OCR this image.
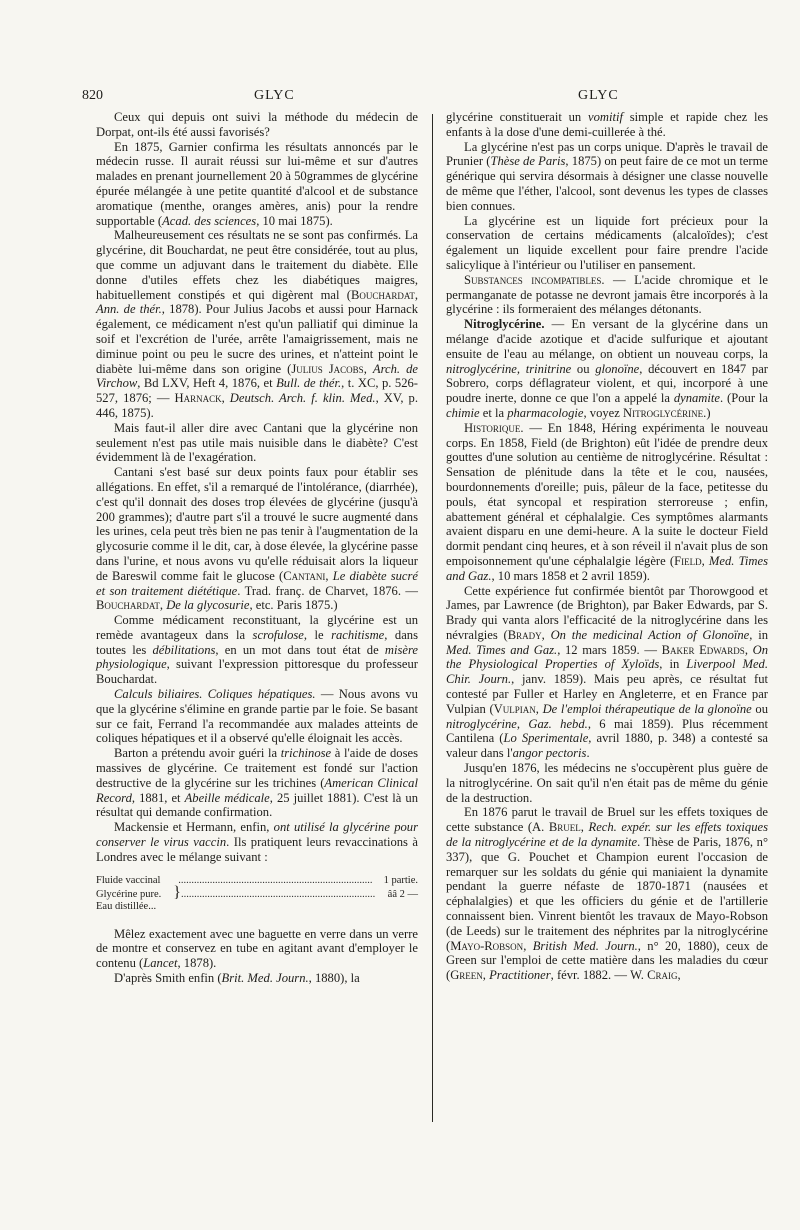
820	GLYC	GLYC

Ceux qui depuis ont suivi la méthode du médecin de Dorpat, ont-ils été aussi favorisés?

En 1875, Garnier confirma les résultats annoncés par le médecin russe. Il aurait réussi sur lui-même et sur d'autres malades en prenant journellement 20 à 50grammes de glycérine épurée mélangée à une petite quantité d'alcool et de substance aromatique (menthe, oranges amères, anis) pour la rendre supportable (Acad. des sciences, 10 mai 1875).

Malheureusement ces résultats ne se sont pas confirmés. La glycérine, dit Bouchardat, ne peut être considérée, tout au plus, que comme un adjuvant dans le traitement du diabète. Elle donne d'utiles effets chez les diabétiques maigres, habituellement constipés et qui digèrent mal (Bouchardat, Ann. de thér., 1878). Pour Julius Jacobs et aussi pour Harnack également, ce médicament n'est qu'un palliatif qui diminue la soif et l'excrétion de l'urée, arrête l'amaigrissement, mais ne diminue point ou peu le sucre des urines, et n'atteint point le diabète lui-même dans son origine (Julius Jacobs, Arch. de Virchow, Bd LXV, Heft 4, 1876, et Bull. de thér., t. XC, p. 526-527, 1876; — Harnack, Deutsch. Arch. f. klin. Med., XV, p. 446, 1875).

Mais faut-il aller dire avec Cantani que la glycérine non seulement n'est pas utile mais nuisible dans le diabète? C'est évidemment là de l'exagération.

Cantani s'est basé sur deux points faux pour établir ses allégations. En effet, s'il a remarqué de l'intolérance, (diarrhée), c'est qu'il donnait des doses trop élevées de glycérine (jusqu'à 200 grammes); d'autre part s'il a trouvé le sucre augmenté dans les urines, cela peut très bien ne pas tenir à l'augmentation de la glycosurie comme il le dit, car, à dose élevée, la glycérine passe dans l'urine, et nous avons vu qu'elle réduisait alors la liqueur de Bareswil comme fait le glucose (Cantani, Le diabète sucré et son traitement diététique. Trad. franç. de Charvet, 1876. — Bouchardat, De la glycosurie, etc. Paris 1875.)

Comme médicament reconstituant, la glycérine est un remède avantageux dans la scrofulose, le rachitisme, dans toutes les débilitations, en un mot dans tout état de misère physiologique, suivant l'expression pittoresque du professeur Bouchardat.

Calculs biliaires. Coliques hépatiques. — Nous avons vu que la glycérine s'élimine en grande partie par le foie. Se basant sur ce fait, Ferrand l'a recommandée aux malades atteints de coliques hépatiques et il a observé qu'elle éloignait les accès.

Barton a prétendu avoir guéri la trichinose à l'aide de doses massives de glycérine. Ce traitement est fondé sur l'action destructive de la glycérine sur les trichines (American Clinical Record, 1881, et Abeille médicale, 25 juillet 1881). C'est là un résultat qui demande confirmation.

Mackensie et Hermann, enfin, ont utilisé la glycérine pour conserver le virus vaccin. Ils pratiquent leurs revaccinations à Londres avec le mélange suivant :

Fluide vaccinal	..........................................................................	1 partie.
Glycérine pure. } ..........................................................................	ââ 2 —
Eau distillée...

Mêlez exactement avec une baguette en verre dans un verre de montre et conservez en tube en agitant avant d'employer le contenu (Lancet, 1878).

D'après Smith enfin (Brit. Med. Journ., 1880), la

glycérine constituerait un vomitif simple et rapide chez les enfants à la dose d'une demi-cuillerée à thé.

La glycérine n'est pas un corps unique. D'après le travail de Prunier (Thèse de Paris, 1875) on peut faire de ce mot un terme générique qui servira désormais à désigner une classe nouvelle de même que l'éther, l'alcool, sont devenus les types de classes bien connues.

La glycérine est un liquide fort précieux pour la conservation de certains médicaments (alcaloïdes); c'est également un liquide excellent pour faire prendre l'acide salicylique à l'intérieur ou l'utiliser en pansement.

Substances incompatibles. — L'acide chromique et le permanganate de potasse ne devront jamais être incorporés à la glycérine : ils formeraient des mélanges détonants.

Nitroglycérine. — En versant de la glycérine dans un mélange d'acide azotique et d'acide sulfurique et ajoutant ensuite de l'eau au mélange, on obtient un nouveau corps, la nitroglycérine, trinitrine ou glonoïne, découvert en 1847 par Sobrero, corps déflagrateur violent, et qui, incorporé à une poudre inerte, donne ce que l'on a appelé la dynamite. (Pour la chimie et la pharmacologie, voyez Nitroglycérine.)

Historique. — En 1848, Héring expérimenta le nouveau corps. En 1858, Field (de Brighton) eût l'idée de prendre deux gouttes d'une solution au centième de nitroglycérine. Résultat : Sensation de plénitude dans la tête et le cou, nausées, bourdonnements d'oreille; puis, pâleur de la face, petitesse du pouls, état syncopal et respiration sterroreuse ; enfin, abattement général et céphalalgie. Ces symptômes alarmants avaient disparu en une demi-heure. A la suite le docteur Field dormit pendant cinq heures, et à son réveil il n'avait plus de son empoisonnement qu'une céphalalgie légère (Field, Med. Times and Gaz., 10 mars 1858 et 2 avril 1859).

Cette expérience fut confirmée bientôt par Thorowgood et James, par Lawrence (de Brighton), par Baker Edwards, par S. Brady qui vanta alors l'efficacité de la nitroglycérine dans les névralgies (Brady, On the medicinal Action of Glonoïne, in Med. Times and Gaz., 12 mars 1859. — Baker Edwards, On the Physiological Properties of Xyloïds, in Liverpool Med. Chir. Journ., janv. 1859). Mais peu après, ce résultat fut contesté par Fuller et Harley en Angleterre, et en France par Vulpian (Vulpian, De l'emploi thérapeutique de la glonoïne ou nitroglycérine, Gaz. hebd., 6 mai 1859). Plus récemment Cantilena (Lo Sperimentale, avril 1880, p. 348) a contesté sa valeur dans l'angor pectoris.

Jusqu'en 1876, les médecins ne s'occupèrent plus guère de la nitroglycérine. On sait qu'il n'en était pas de même du génie de la destruction.

En 1876 parut le travail de Bruel sur les effets toxiques de cette substance (A. Bruel, Rech. expér. sur les effets toxiques de la nitroglycérine et de la dynamite. Thèse de Paris, 1876, n° 337), que G. Pouchet et Champion eurent l'occasion de remarquer sur les soldats du génie qui maniaient la dynamite pendant la guerre néfaste de 1870-1871 (nausées et céphalalgies) et que les officiers du génie et de l'artillerie connaissent bien. Vinrent bientôt les travaux de Mayo-Robson (de Leeds) sur le traitement des néphrites par la nitroglycérine (Mayo-Robson, British Med. Journ., n° 20, 1880), ceux de Green sur l'emploi de cette matière dans les maladies du cœur (Green, Practitioner, févr. 1882. — W. Craig,
